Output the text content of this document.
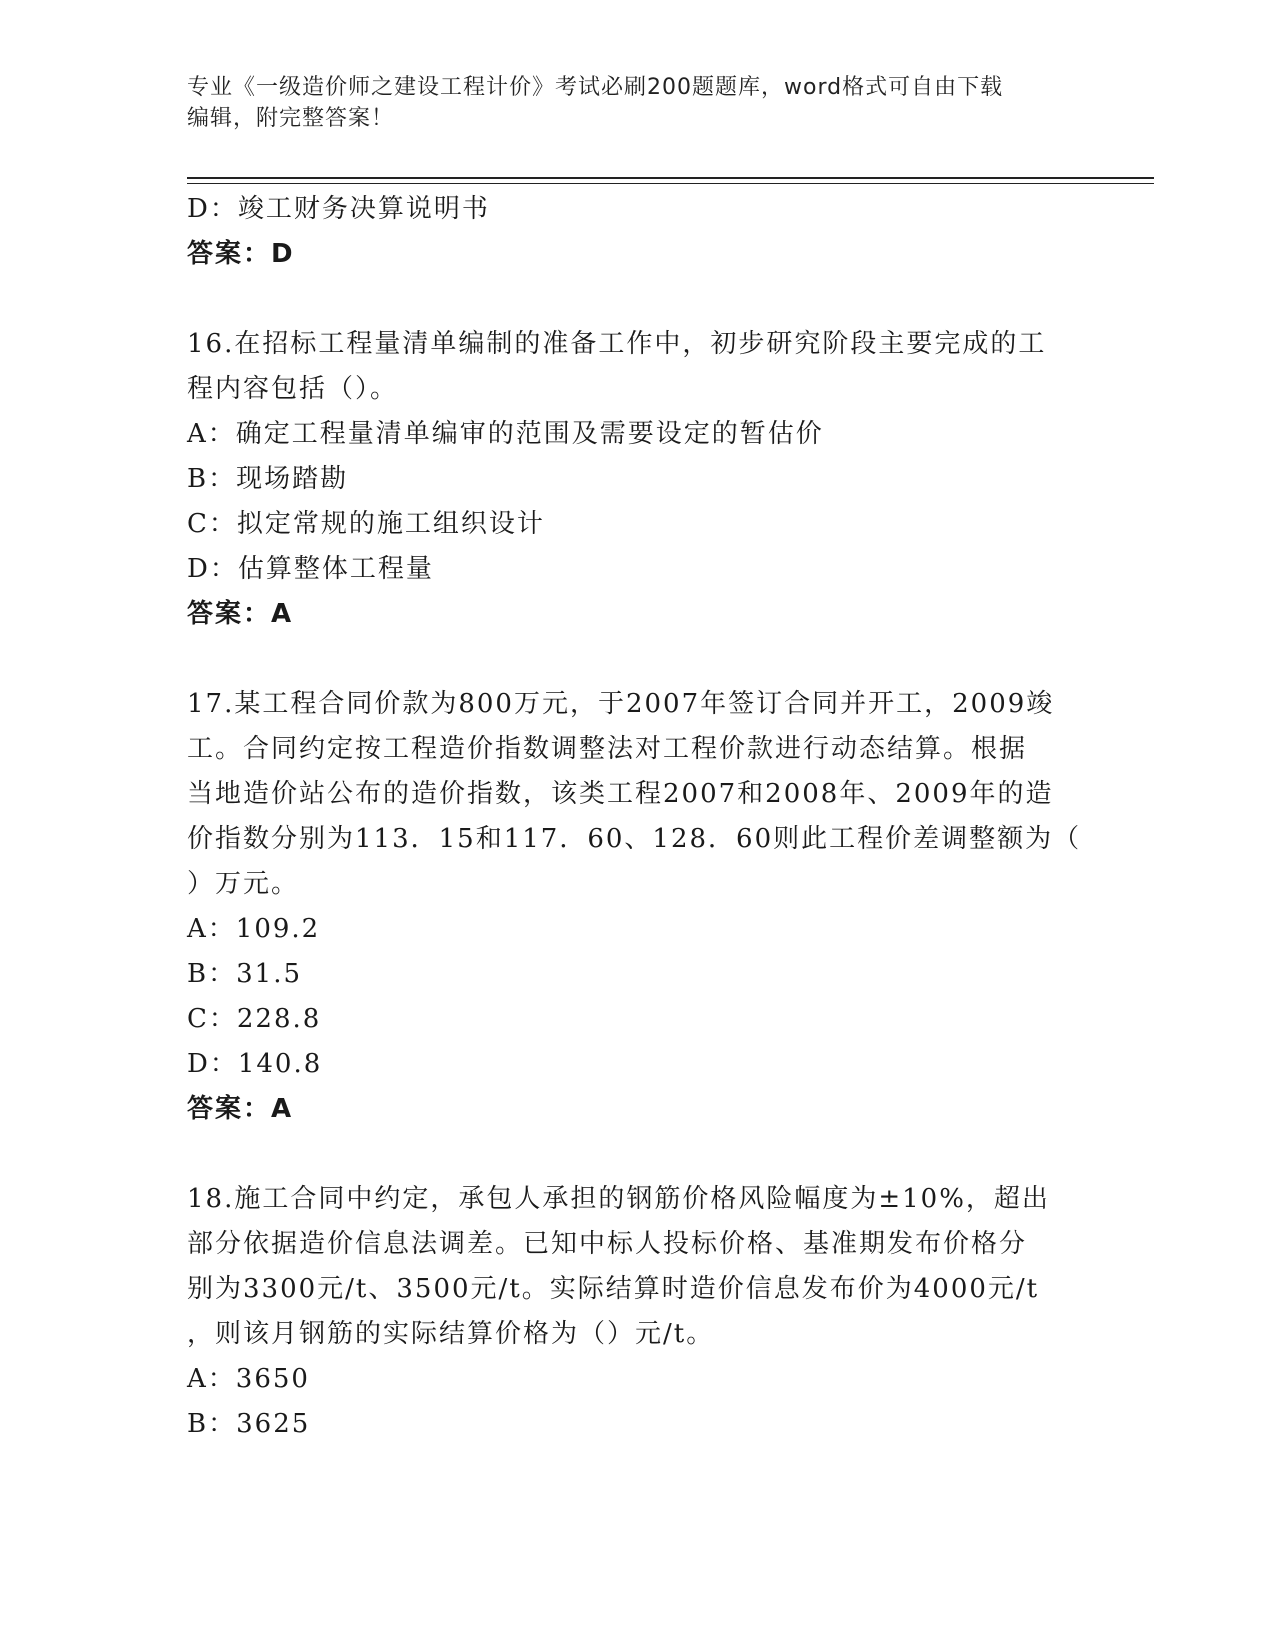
专业《一级造价师之建设工程计价》考试必刷200题题库，word格式可自由下载
编辑，附完整答案！
D：竣工财务决算说明书
答案：D
16.在招标工程量清单编制的准备工作中，初步研究阶段主要完成的工
程内容包括（）。
A：确定工程量清单编审的范围及需要设定的暂估价
B：现场踏勘
C：拟定常规的施工组织设计
D：估算整体工程量
答案：A
17.某工程合同价款为800万元，于2007年签订合同并开工，2009竣
工。合同约定按工程造价指数调整法对工程价款进行动态结算。根据
当地造价站公布的造价指数，该类工程2007和2008年、2009年的造
价指数分别为113．15和117．60、128．60则此工程价差调整额为（
）万元。
A：109.2
B：31.5
C：228.8
D：140.8
答案：A
18.施工合同中约定，承包人承担的钢筋价格风险幅度为±10%，超出
部分依据造价信息法调差。已知中标人投标价格、基准期发布价格分
别为3300元/t、3500元/t。实际结算时造价信息发布价为4000元/t
，则该月钢筋的实际结算价格为（）元/t。
A：3650
B：3625
